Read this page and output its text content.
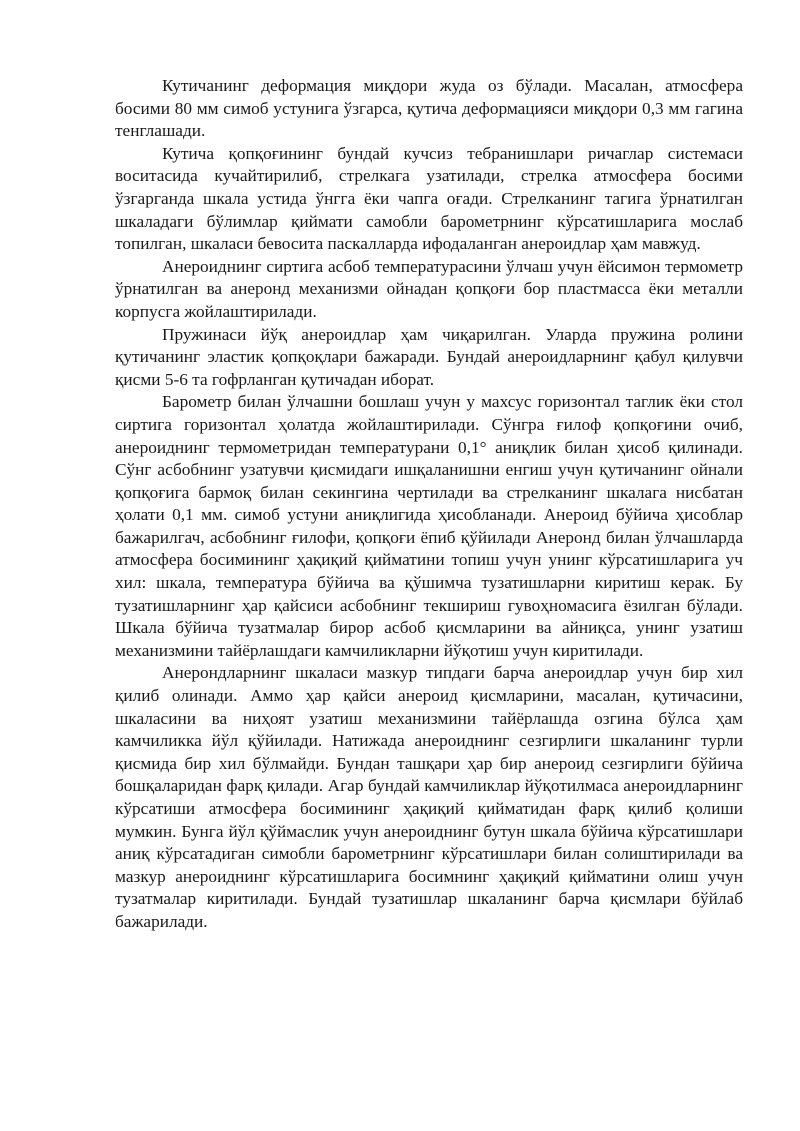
Кутичанинг деформация миқдори жуда оз бўлади. Масалан, атмосфера босими 80 мм симоб устунига ўзгарса, қутича деформацияси миқдори 0,3 мм гагина тенглашади.

Кутича қопқоғининг бундай кучсиз тебранишлари ричаглар системаси воситасида кучайтирилиб, стрелкага узатилади, стрелка атмосфера босими ўзгарганда шкала устида ўнгга ёки чапга оғади. Стрелканинг тагига ўрнатилган шкаладаги бўлимлар қиймати самобли барометрнинг кўрсатишларига мослаб топилган, шкаласи бевосита паскалларда ифодаланган анероидлар ҳам мавжуд.

Анероиднинг сиртига асбоб температурасини ўлчаш учун ёйсимон термометр ўрнатилган ва анеронд механизми ойнадан қопқоғи бор пластмасса ёки металли корпусга жойлаштирилади.

Пружинаси йўқ анероидлар ҳам чиқарилган. Уларда пружина ролини қутичанинг эластик қопқоқлари бажаради. Бундай анероидларнинг қабул қилувчи қисми 5-6 та гофрланган қутичадан иборат.

Барометр билан ўлчашни бошлаш учун у махсус горизонтал таглик ёки стол сиртига горизонтал ҳолатда жойлаштирилади. Сўнгра ғилоф қопқоғини очиб, анероиднинг термометридан температурани 0,1° аниқлик билан ҳисоб қилинади. Сўнг асбобнинг узатувчи қисмидаги ишқаланишни енгиш учун қутичанинг ойнали қопқоғига бармоқ билан секингина чертилади ва стрелканинг шкалага нисбатан ҳолати 0,1 мм. симоб устуни аниқлигида ҳисобланади. Анероид бўйича ҳисоблар бажарилгач, асбобнинг ғилофи, қопқоғи ёпиб қўйилади Анеронд билан ўлчашларда атмосфера босимининг ҳақиқий қийматини топиш учун унинг кўрсатишларига уч хил: шкала, температура бўйича ва қўшимча тузатишларни киритиш керак. Бу тузатишларнинг ҳар қайсиси асбобнинг текшириш гувоҳномасига ёзилган бўлади. Шкала бўйича тузатмалар бирор асбоб қисмларини ва айниқса, унинг узатиш механизмини тайёрлашдаги камчиликларни йўқотиш учун киритилади.

Анерондларнинг шкаласи мазкур типдаги барча анероидлар учун бир хил қилиб олинади. Аммо ҳар қайси анероид қисмларини, масалан, қутичасини, шкаласини ва ниҳоят узатиш механизмини тайёрлашда озгина бўлса ҳам камчиликка йўл қўйилади. Натижада анероиднинг сезгирлиги шкаланинг турли қисмида бир хил бўлмайди. Бундан ташқари ҳар бир анероид сезгирлиги бўйича бошқаларидан фарқ қилади. Агар бундай камчиликлар йўқотилмаса анероидларнинг кўрсатиши атмосфера босимининг ҳақиқий қийматидан фарқ қилиб қолиши мумкин. Бунга йўл қўймаслик учун анероиднинг бутун шкала бўйича кўрсатишлари аниқ кўрсатадиган симобли барометрнинг кўрсатишлари билан солиштирилади ва мазкур анероиднинг кўрсатишларига босимнинг ҳақиқий қийматини олиш учун тузатмалар киритилади. Бундай тузатишлар шкаланинг барча қисмлари бўйлаб бажарилади.
